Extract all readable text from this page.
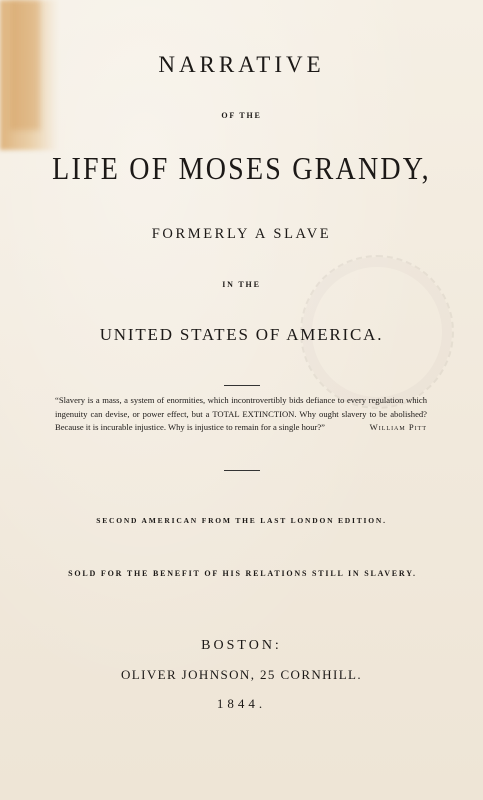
NARRATIVE
OF THE
LIFE OF MOSES GRANDY,
FORMERLY A SLAVE
IN THE
UNITED STATES OF AMERICA.
“Slavery is a mass, a system of enormities, which incontrovertibly bids defiance to every regulation which ingenuity can devise, or power effect, but a TOTAL EXTINCTION. Why ought slavery to be abolished? Because it is incurable injustice. Why is injustice to remain for a single hour?”	William Pitt
SECOND AMERICAN FROM THE LAST LONDON EDITION.
SOLD FOR THE BENEFIT OF HIS RELATIONS STILL IN SLAVERY.
BOSTON:
OLIVER JOHNSON, 25 CORNHILL.
1844.
